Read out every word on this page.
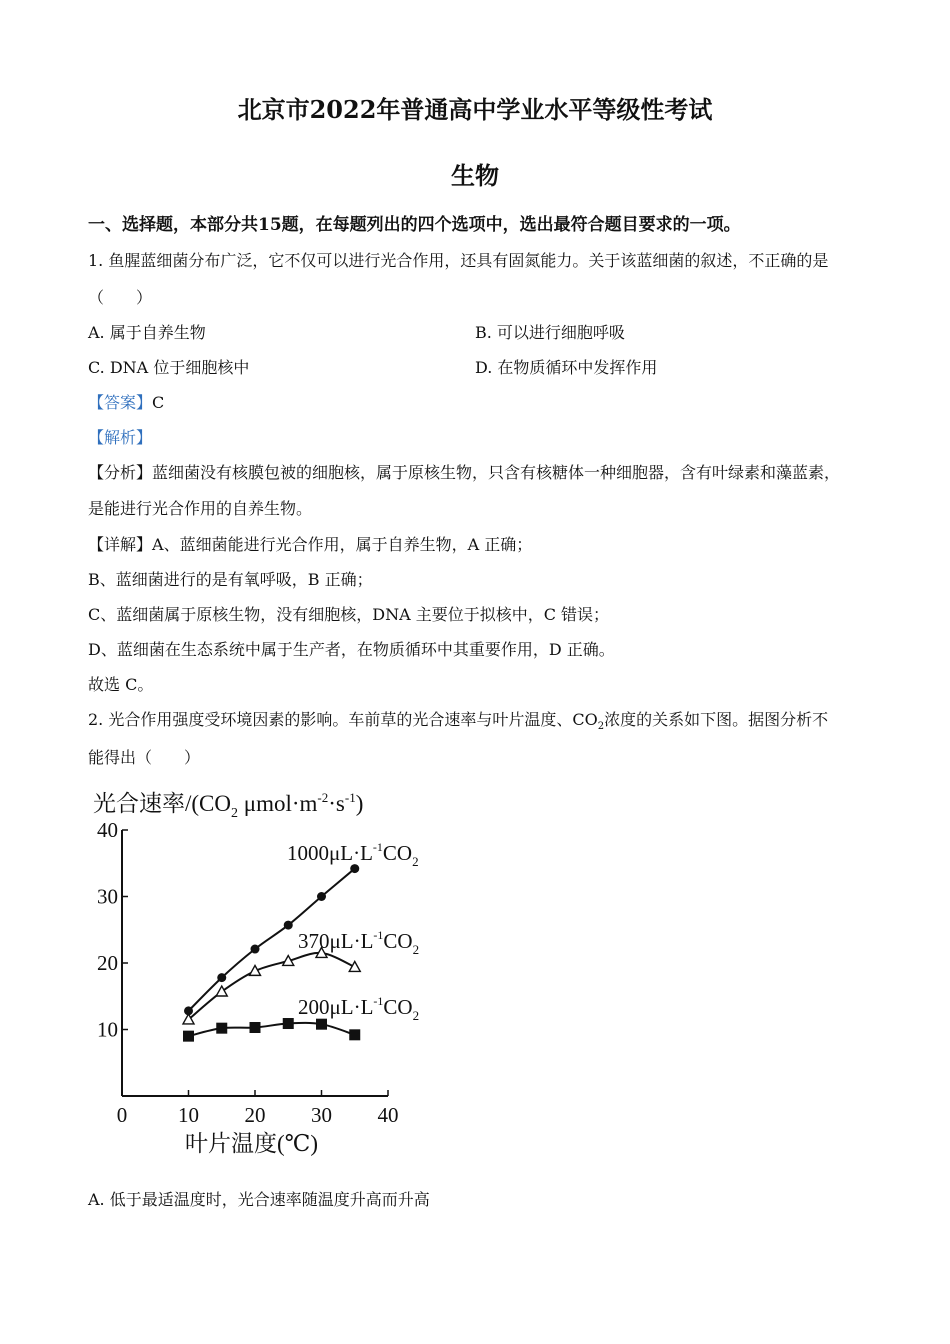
北京市2022年普通高中学业水平等级性考试
生物
一、选择题，本部分共15题，在每题列出的四个选项中，选出最符合题目要求的一项。
1. 鱼腥蓝细菌分布广泛，它不仅可以进行光合作用，还具有固氮能力。关于该蓝细菌的叙述，不正确的是
（　　）
A. 属于自养生物	B. 可以进行细胞呼吸
C. DNA 位于细胞核中	D. 在物质循环中发挥作用
【答案】C
【解析】
【分析】蓝细菌没有核膜包被的细胞核，属于原核生物，只含有核糖体一种细胞器，含有叶绿素和藻蓝素，
是能进行光合作用的自养生物。
【详解】A、蓝细菌能进行光合作用，属于自养生物，A 正确；
B、蓝细菌进行的是有氧呼吸，B 正确；
C、蓝细菌属于原核生物，没有细胞核，DNA 主要位于拟核中，C 错误；
D、蓝细菌在生态系统中属于生产者，在物质循环中其重要作用，D 正确。
故选 C。
2. 光合作用强度受环境因素的影响。车前草的光合速率与叶片温度、$CO_2$浓度的关系如下图。据图分析不
能得出（　　）
光合速率$/(CO_2$ $\mu mol\cdot m^{-2}\cdot s^{-1}$)
0 10 20 30 40
10
20
30
40
$1000\mu L\cdot L^{-1}CO_2$
$370\mu L\cdot L^{-1}CO_2$
$200\mu L\cdot L^{-1}CO_2$
叶片温度(℃)
A. 低于最适温度时，光合速率随温度升高而升高
